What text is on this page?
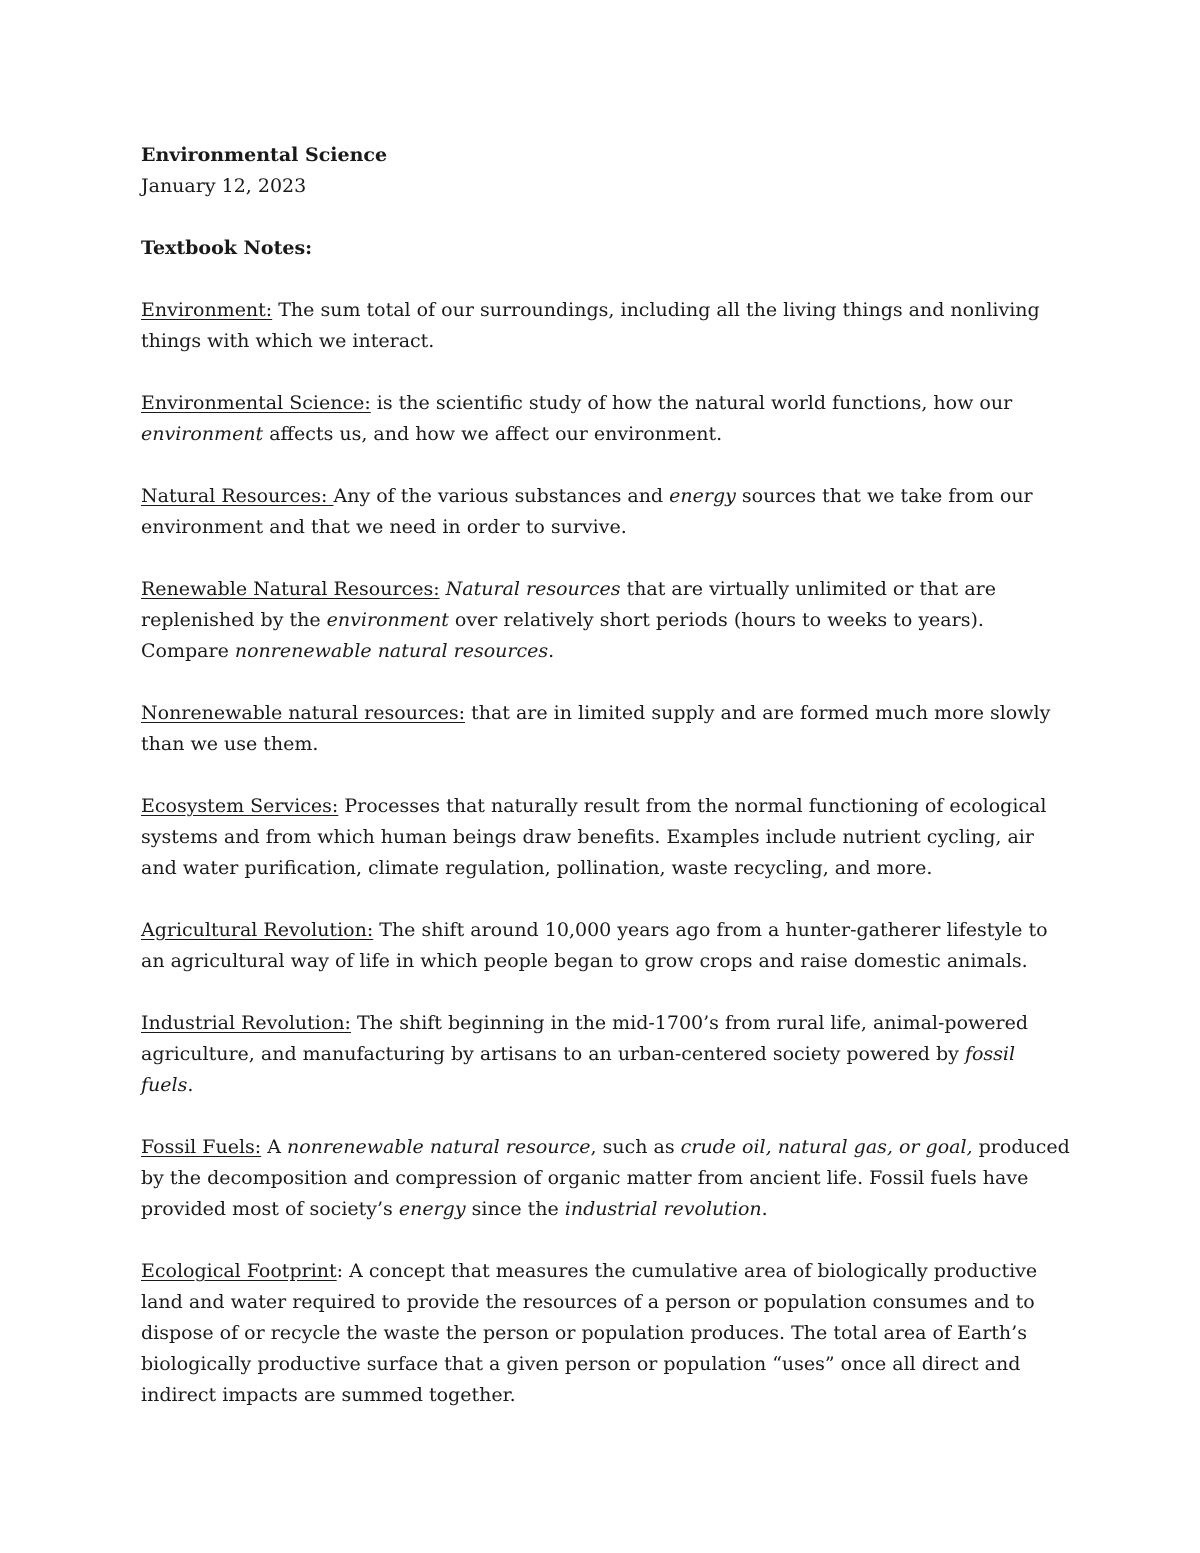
Environmental Science

January 12, 2023

Textbook Notes:

Environment: The sum total of our surroundings, including all the living things and nonliving things with which we interact.

Environmental Science: is the scientific study of how the natural world functions, how our environment affects us, and how we affect our environment.

Natural Resources: Any of the various substances and energy sources that we take from our environment and that we need in order to survive.

Renewable Natural Resources: Natural resources that are virtually unlimited or that are replenished by the environment over relatively short periods (hours to weeks to years). Compare nonrenewable natural resources.

Nonrenewable natural resources: that are in limited supply and are formed much more slowly than we use them.

Ecosystem Services: Processes that naturally result from the normal functioning of ecological systems and from which human beings draw benefits. Examples include nutrient cycling, air and water purification, climate regulation, pollination, waste recycling, and more.

Agricultural Revolution: The shift around 10,000 years ago from a hunter-gatherer lifestyle to an agricultural way of life in which people began to grow crops and raise domestic animals.

Industrial Revolution: The shift beginning in the mid-1700’s from rural life, animal-powered agriculture, and manufacturing by artisans to an urban-centered society powered by fossil fuels.

Fossil Fuels: A nonrenewable natural resource, such as crude oil, natural gas, or goal, produced by the decomposition and compression of organic matter from ancient life. Fossil fuels have provided most of society’s energy since the industrial revolution.

Ecological Footprint: A concept that measures the cumulative area of biologically productive land and water required to provide the resources of a person or population consumes and to dispose of or recycle the waste the person or population produces. The total area of Earth’s biologically productive surface that a given person or population “uses” once all direct and indirect impacts are summed together.
